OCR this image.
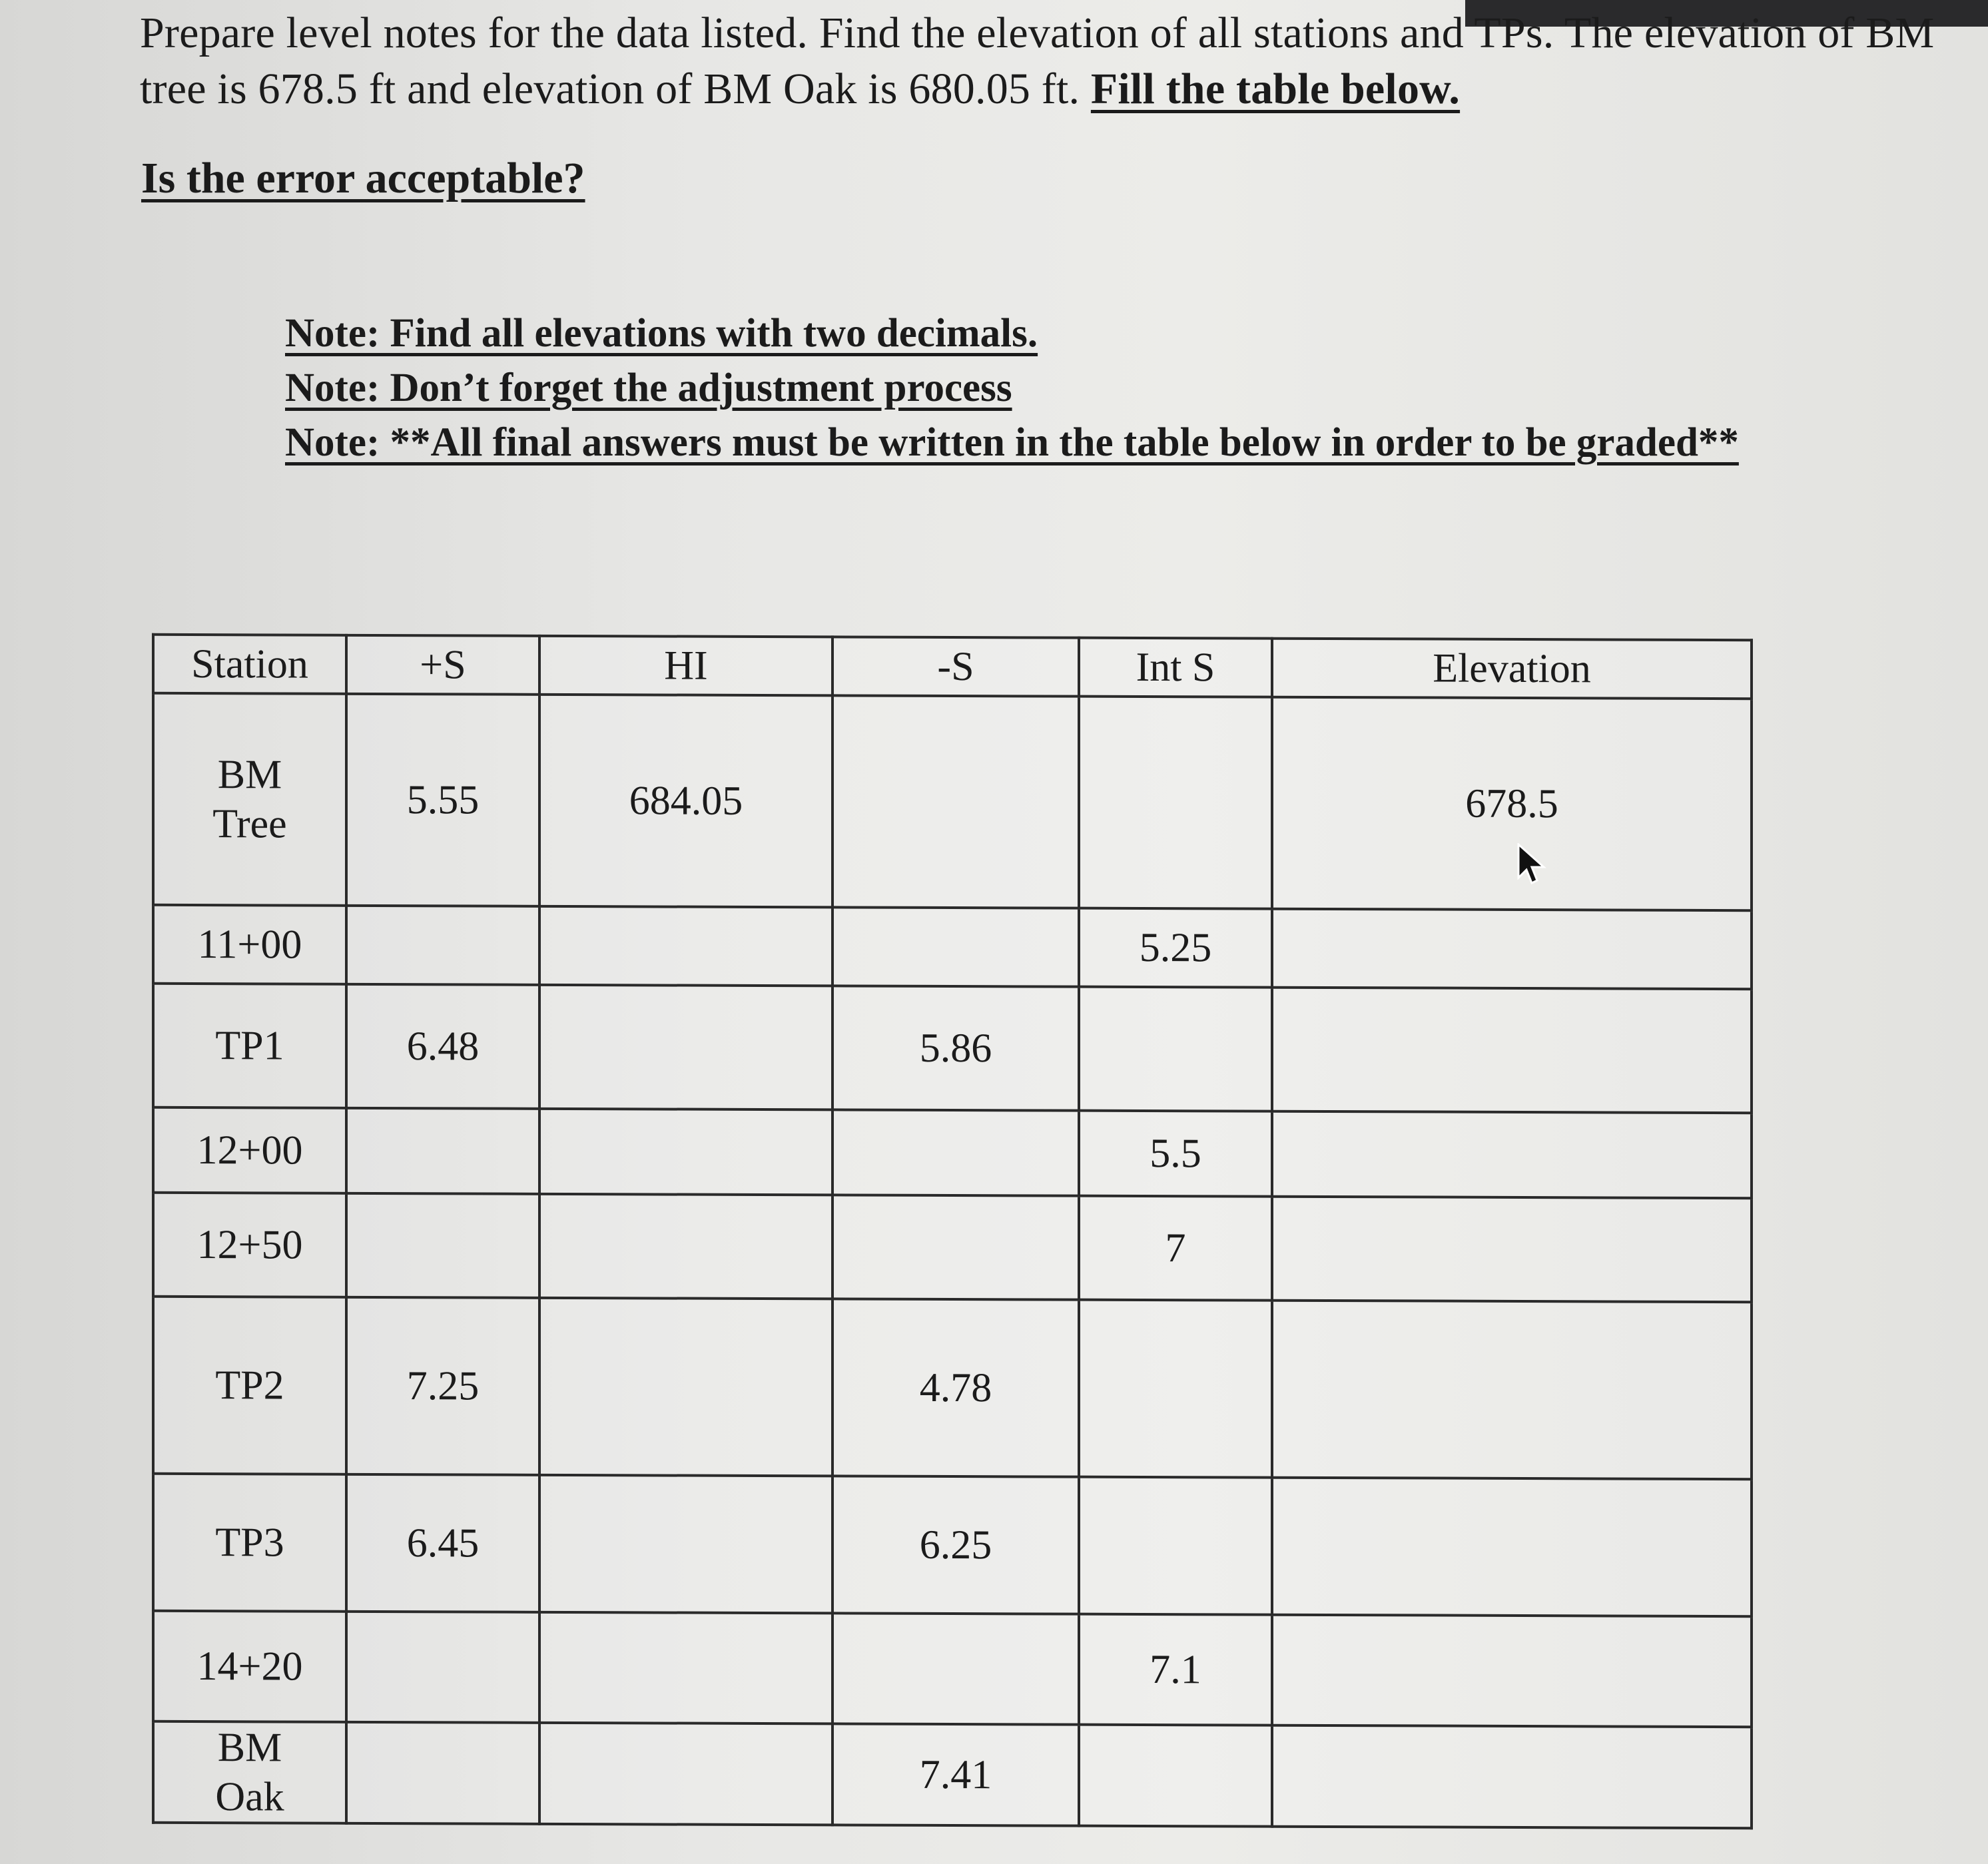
Prepare level notes for the data listed. Find the elevation of all stations and TPs. The elevation of BM tree is 678.5 ft and elevation of BM Oak is 680.05 ft. Fill the table below.

Is the error acceptable?
Note: Find all elevations with two decimals.
Note: Don’t forget the adjustment process
Note: **All final answers must be written in the table below in order to be graded**
Station	+S	HI	-S	Int S	Elevation
BM
Tree	5.55	684.05			678.5
11+00				5.25	
TP1	6.48		5.86		
12+00				5.5	
12+50				7	
TP2	7.25		4.78		
TP3	6.45		6.25		
14+20				7.1	
BM
Oak			7.41		
